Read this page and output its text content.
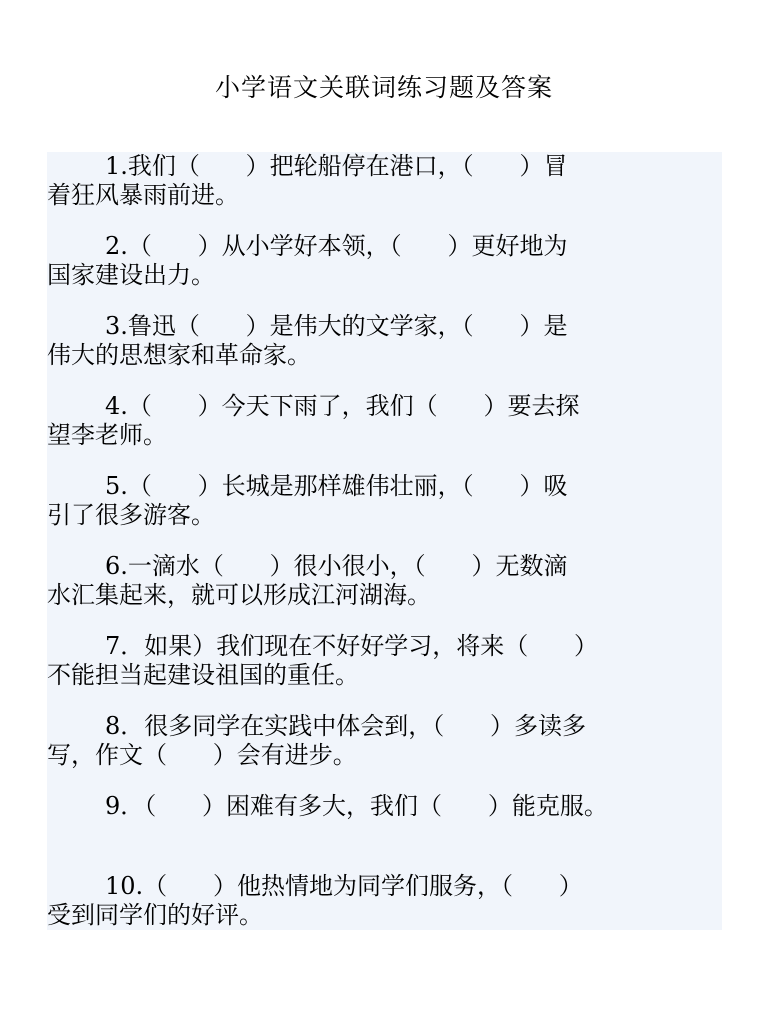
小学语文关联词练习题及答案
1.我们（      ）把轮船停在港口，（      ）冒
着狂风暴雨前进。
2.（      ）从小学好本领，（      ）更好地为
国家建设出力。
3.鲁迅（      ）是伟大的文学家，（      ）是
伟大的思想家和革命家。
4.（      ）今天下雨了，我们（      ）要去探
望李老师。
5.（      ）长城是那样雄伟壮丽，（      ）吸
引了很多游客。
6.一滴水（      ）很小很小，（      ）无数滴
水汇集起来，就可以形成江河湖海。
7．如果）我们现在不好好学习，将来（      ）
不能担当起建设祖国的重任。
8．很多同学在实践中体会到，（      ）多读多
写，作文（      ）会有进步。
9．（      ）困难有多大，我们（      ）能克服。
10.（      ）他热情地为同学们服务，（      ）
受到同学们的好评。
